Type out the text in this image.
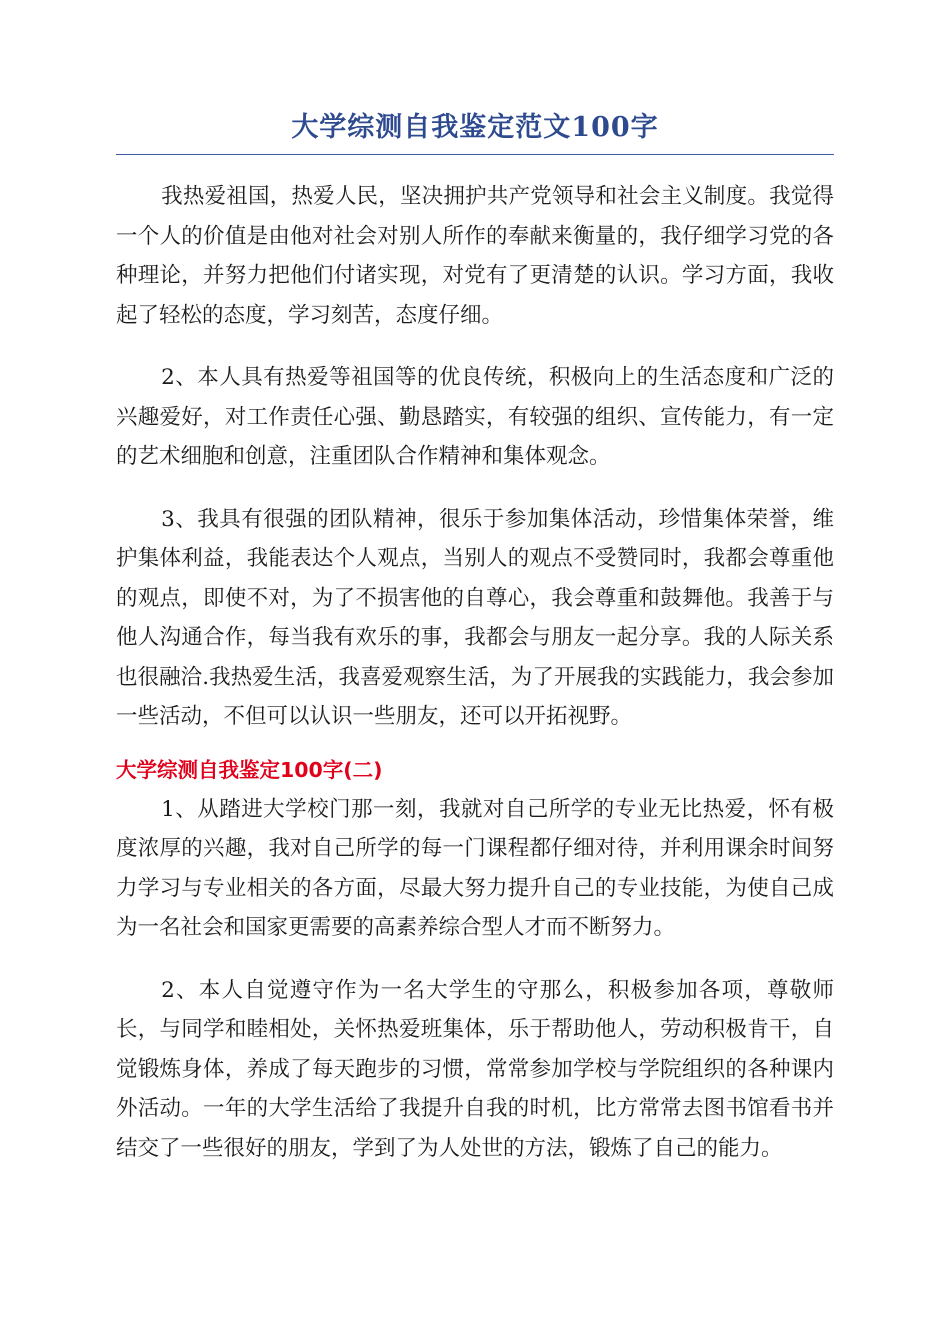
大学综测自我鉴定范文100字

我热爱祖国，热爱人民，坚决拥护共产党领导和社会主义制度。我觉得一个人的价值是由他对社会对别人所作的奉献来衡量的，我仔细学习党的各种理论，并努力把他们付诸实现，对党有了更清楚的认识。学习方面，我收起了轻松的态度，学习刻苦，态度仔细。

2、本人具有热爱等祖国等的优良传统，积极向上的生活态度和广泛的兴趣爱好，对工作责任心强、勤恳踏实，有较强的组织、宣传能力，有一定的艺术细胞和创意，注重团队合作精神和集体观念。

3、我具有很强的团队精神，很乐于参加集体活动，珍惜集体荣誉，维护集体利益，我能表达个人观点，当别人的观点不受赞同时，我都会尊重他的观点，即使不对，为了不损害他的自尊心，我会尊重和鼓舞他。我善于与他人沟通合作，每当我有欢乐的事，我都会与朋友一起分享。我的人际关系也很融洽.我热爱生活，我喜爱观察生活，为了开展我的实践能力，我会参加一些活动，不但可以认识一些朋友，还可以开拓视野。

大学综测自我鉴定100字(二)

1、从踏进大学校门那一刻，我就对自己所学的专业无比热爱，怀有极度浓厚的兴趣，我对自己所学的每一门课程都仔细对待，并利用课余时间努力学习与专业相关的各方面，尽最大努力提升自己的专业技能，为使自己成为一名社会和国家更需要的高素养综合型人才而不断努力。

2、本人自觉遵守作为一名大学生的守那么，积极参加各项，尊敬师长，与同学和睦相处，关怀热爱班集体，乐于帮助他人，劳动积极肯干，自觉锻炼身体，养成了每天跑步的习惯，常常参加学校与学院组织的各种课内外活动。一年的大学生活给了我提升自我的时机，比方常常去图书馆看书并结交了一些很好的朋友，学到了为人处世的方法，锻炼了自己的能力。
